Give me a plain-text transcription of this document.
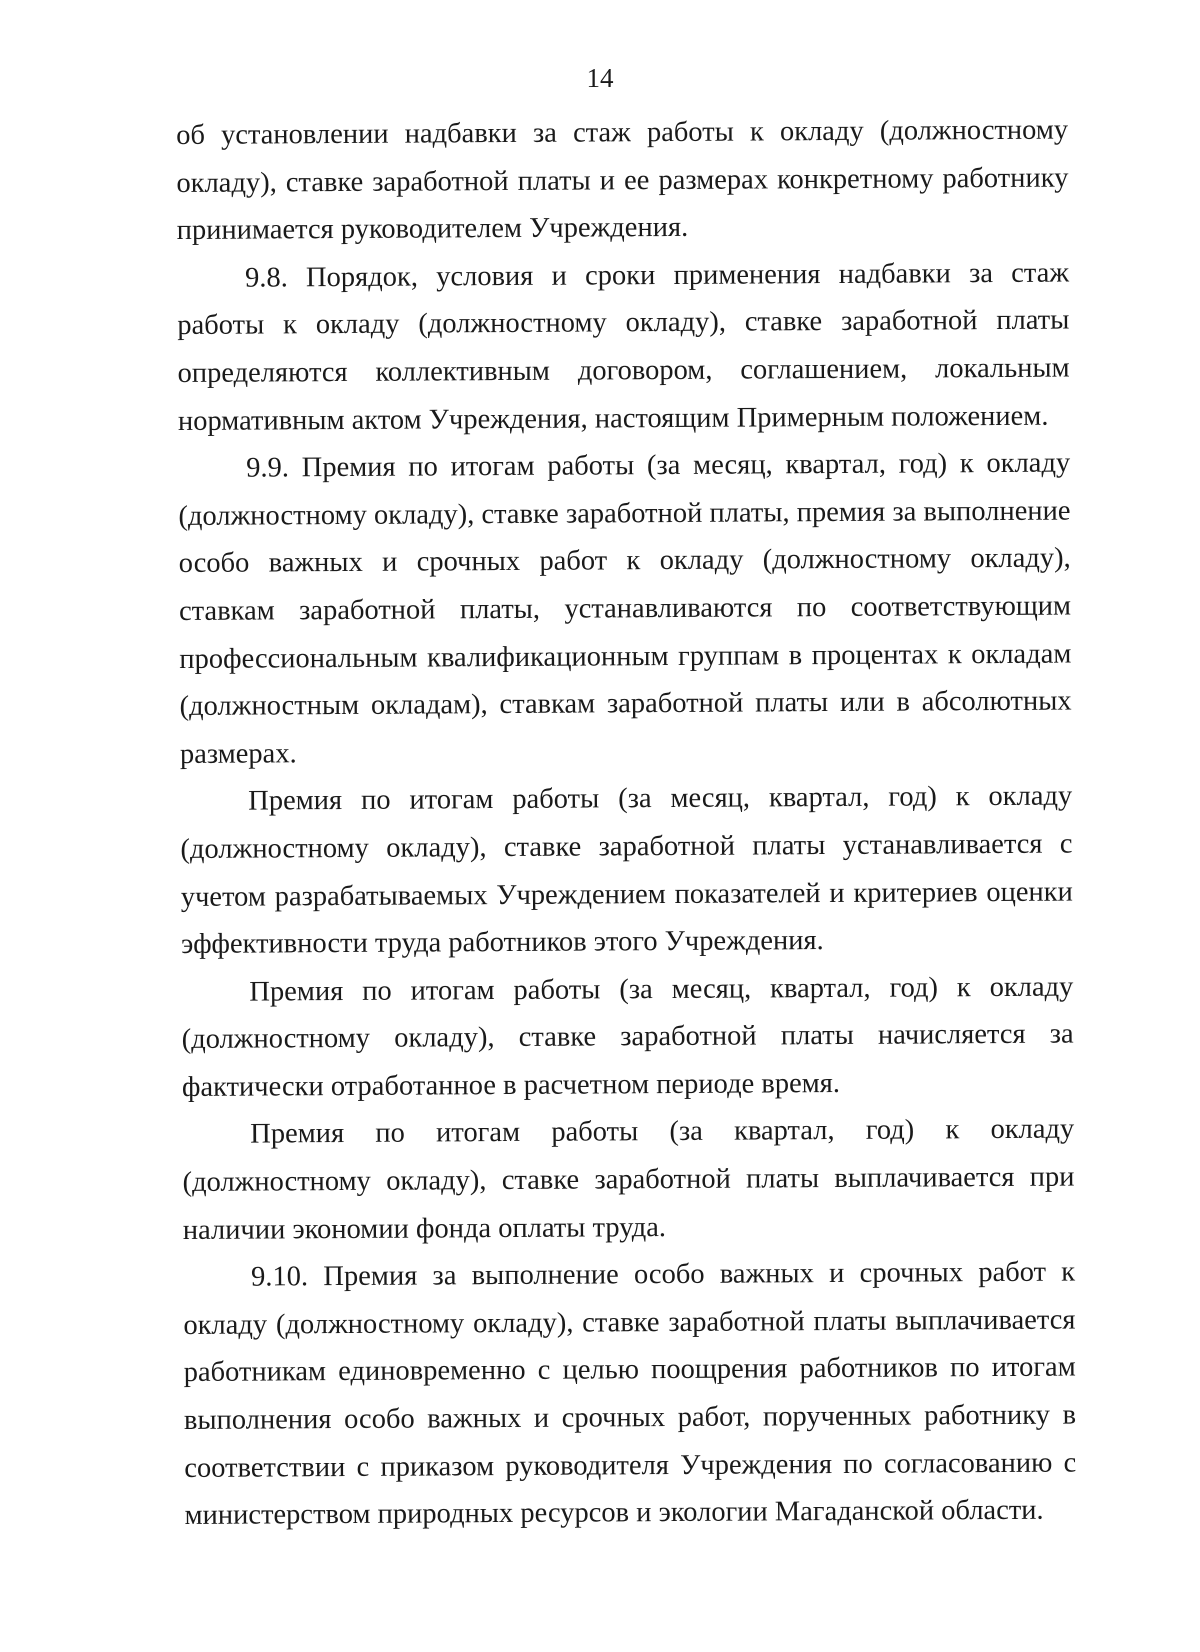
14

об установлении надбавки за стаж работы к окладу (должностному окладу), ставке заработной платы и ее размерах конкретному работнику принимается руководителем Учреждения.

9.8. Порядок, условия и сроки применения надбавки за стаж работы к окладу (должностному окладу), ставке заработной платы определяются коллективным договором, соглашением, локальным нормативным актом Учреждения, настоящим Примерным положением.

9.9. Премия по итогам работы (за месяц, квартал, год) к окладу (должностному окладу), ставке заработной платы, премия за выполнение особо важных и срочных работ к окладу (должностному окладу), ставкам заработной платы, устанавливаются по соответствующим профессиональным квалификационным группам в процентах к окладам (должностным окладам), ставкам заработной платы или в абсолютных размерах.

Премия по итогам работы (за месяц, квартал, год) к окладу (должностному окладу), ставке заработной платы устанавливается с учетом разрабатываемых Учреждением показателей и критериев оценки эффективности труда работников этого Учреждения.

Премия по итогам работы (за месяц, квартал, год) к окладу (должностному окладу), ставке заработной платы начисляется за фактически отработанное в расчетном периоде время.

Премия по итогам работы (за квартал, год) к окладу (должностному окладу), ставке заработной платы выплачивается при наличии экономии фонда оплаты труда.

9.10. Премия за выполнение особо важных и срочных работ к окладу (должностному окладу), ставке заработной платы выплачивается работникам единовременно с целью поощрения работников по итогам выполнения особо важных и срочных работ, порученных работнику в соответствии с приказом руководителя Учреждения по согласованию с министерством природных ресурсов и экологии Магаданской области.
